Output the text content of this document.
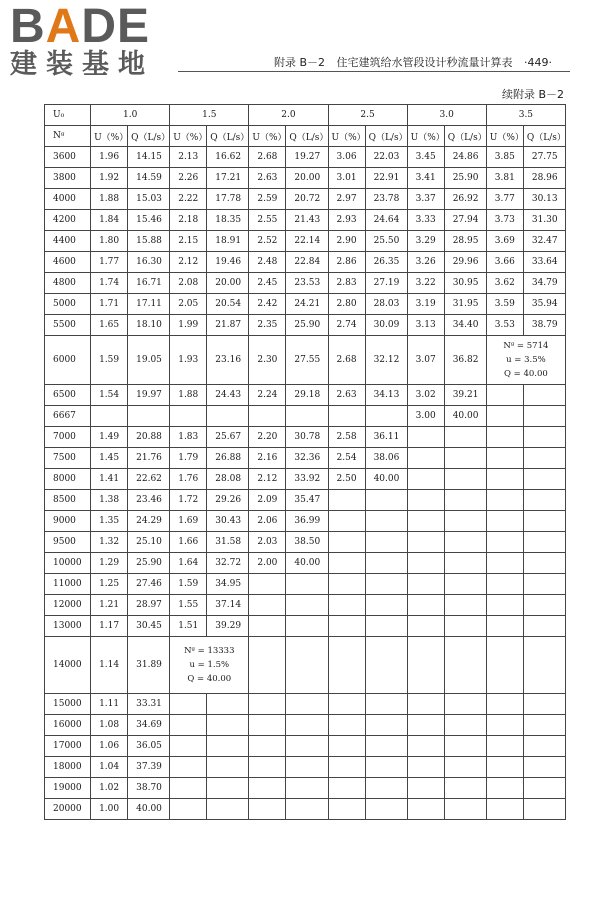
BADE
建装基地	附录 B－2 住宅建筑给水管段设计秒流量计算表 ·449·
续附录 B－2
U₀	1.0		1.5		2.0		2.5		3.0		3.5	
Nᵍ	U（%）	Q（L/s）	U（%）	Q（L/s）	U（%）	Q（L/s）	U（%）	Q（L/s）	U（%）	Q（L/s）	U（%）	Q（L/s）
3600	1.96	14.15	2.13	16.62	2.68	19.27	3.06	22.03	3.45	24.86	3.85	27.75
3800	1.92	14.59	2.26	17.21	2.63	20.00	3.01	22.91	3.41	25.90	3.81	28.96
4000	1.88	15.03	2.22	17.78	2.59	20.72	2.97	23.78	3.37	26.92	3.77	30.13
4200	1.84	15.46	2.18	18.35	2.55	21.43	2.93	24.64	3.33	27.94	3.73	31.30
4400	1.80	15.88	2.15	18.91	2.52	22.14	2.90	25.50	3.29	28.95	3.69	32.47
4600	1.77	16.30	2.12	19.46	2.48	22.84	2.86	26.35	3.26	29.96	3.66	33.64
4800	1.74	16.71	2.08	20.00	2.45	23.53	2.83	27.19	3.22	30.95	3.62	34.79
5000	1.71	17.11	2.05	20.54	2.42	24.21	2.80	28.03	3.19	31.95	3.59	35.94
5500	1.65	18.10	1.99	21.87	2.35	25.90	2.74	30.09	3.13	34.40	3.53	38.79
6000	1.59	19.05	1.93	23.16	2.30	27.55	2.68	32.12	3.07	36.82	Nᵍ = 5714
u = 3.5%
Q = 40.00	

6500	1.54	19.97	1.88	24.43	2.24	29.18	2.63	34.13	3.02	39.21		
6667									3.00	40.00		
7000	1.49	20.88	1.83	25.67	2.20	30.78	2.58	36.11				
7500	1.45	21.76	1.79	26.88	2.16	32.36	2.54	38.06				
8000	1.41	22.62	1.76	28.08	2.12	33.92	2.50	40.00				
8500	1.38	23.46	1.72	29.26	2.09	35.47						
9000	1.35	24.29	1.69	30.43	2.06	36.99						
9500	1.32	25.10	1.66	31.58	2.03	38.50						
10000	1.29	25.90	1.64	32.72	2.00	40.00						
11000	1.25	27.46	1.59	34.95								
12000	1.21	28.97	1.55	37.14								
13000	1.17	30.45	1.51	39.29								
14000	1.14	31.89	Nᵍ = 13333
u = 1.5%
Q = 40.00									

15000	1.11	33.31										
16000	1.08	34.69										
17000	1.06	36.05										
18000	1.04	37.39										
19000	1.02	38.70										
20000	1.00	40.00										
